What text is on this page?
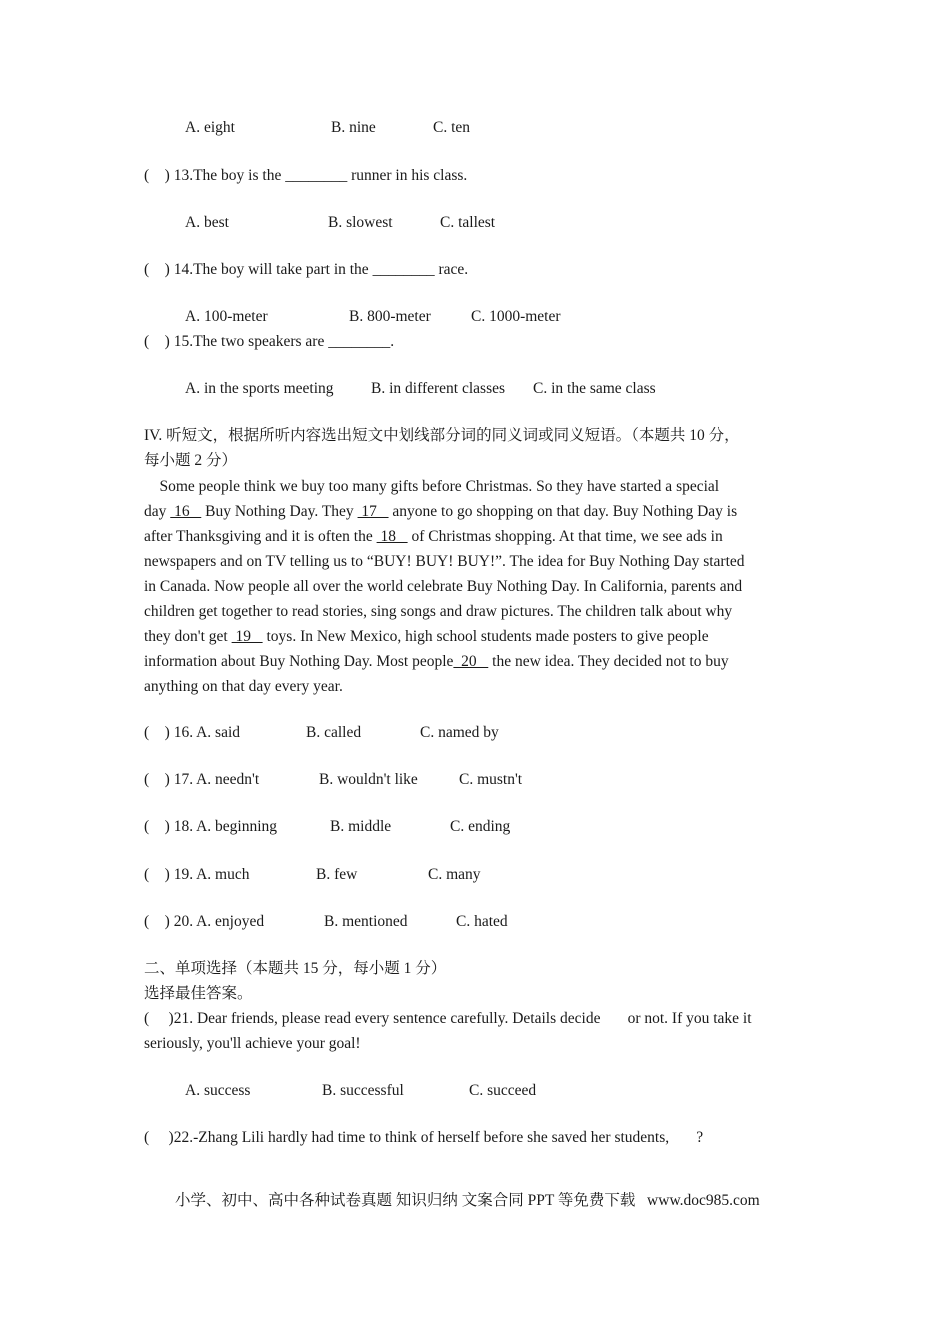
A. eight	B. nine	C. ten
(    ) 13.The boy is the ________ runner in his class.
A. best	B. slowest	C. tallest
(    ) 14.The boy will take part in the ________ race.
A. 100-meter	B. 800-meter	C. 1000-meter
(    ) 15.The two speakers are ________.
A. in the sports meeting B. in different classes C. in the same class
IV. 听短文，根据所听内容选出短文中划线部分词的同义词或同义短语。（本题共 10 分，
每小题 2 分）
Some people think we buy too many gifts before Christmas. So they have started a special
day  16    Buy Nothing Day. They  17    anyone to go shopping on that day. Buy Nothing Day is
after Thanksgiving and it is often the  18    of Christmas shopping. At that time, we see ads in
newspapers and on TV telling us to “BUY! BUY! BUY!”. The idea for Buy Nothing Day started
in Canada. Now people all over the world celebrate Buy Nothing Day. In California, parents and
children get together to read stories, sing songs and draw pictures. The children talk about why
they don't get  19    toys. In New Mexico, high school students made posters to give people
information about Buy Nothing Day. Most people  20    the new idea. They decided not to buy
anything on that day every year.
(    ) 16. A. said	B. called	C. named by
(    ) 17. A. needn't	B. wouldn't like	C. mustn't
(    ) 18. A. beginning	B. middle	C. ending
(    ) 19. A. much	B. few	C. many
(    ) 20. A. enjoyed	B. mentioned	C. hated
二、单项选择（本题共 15 分，每小题 1 分）
选择最佳答案。
(     )21. Dear friends, please read every sentence carefully. Details decide       or not. If you take it
seriously, you'll achieve your goal!
A. success	B. successful	C. succeed
(     )22.-Zhang Lili hardly had time to think of herself before she saved her students,       ?
小学、初中、高中各种试卷真题 知识归纳 文案合同 PPT 等免费下载   www.doc985.com
